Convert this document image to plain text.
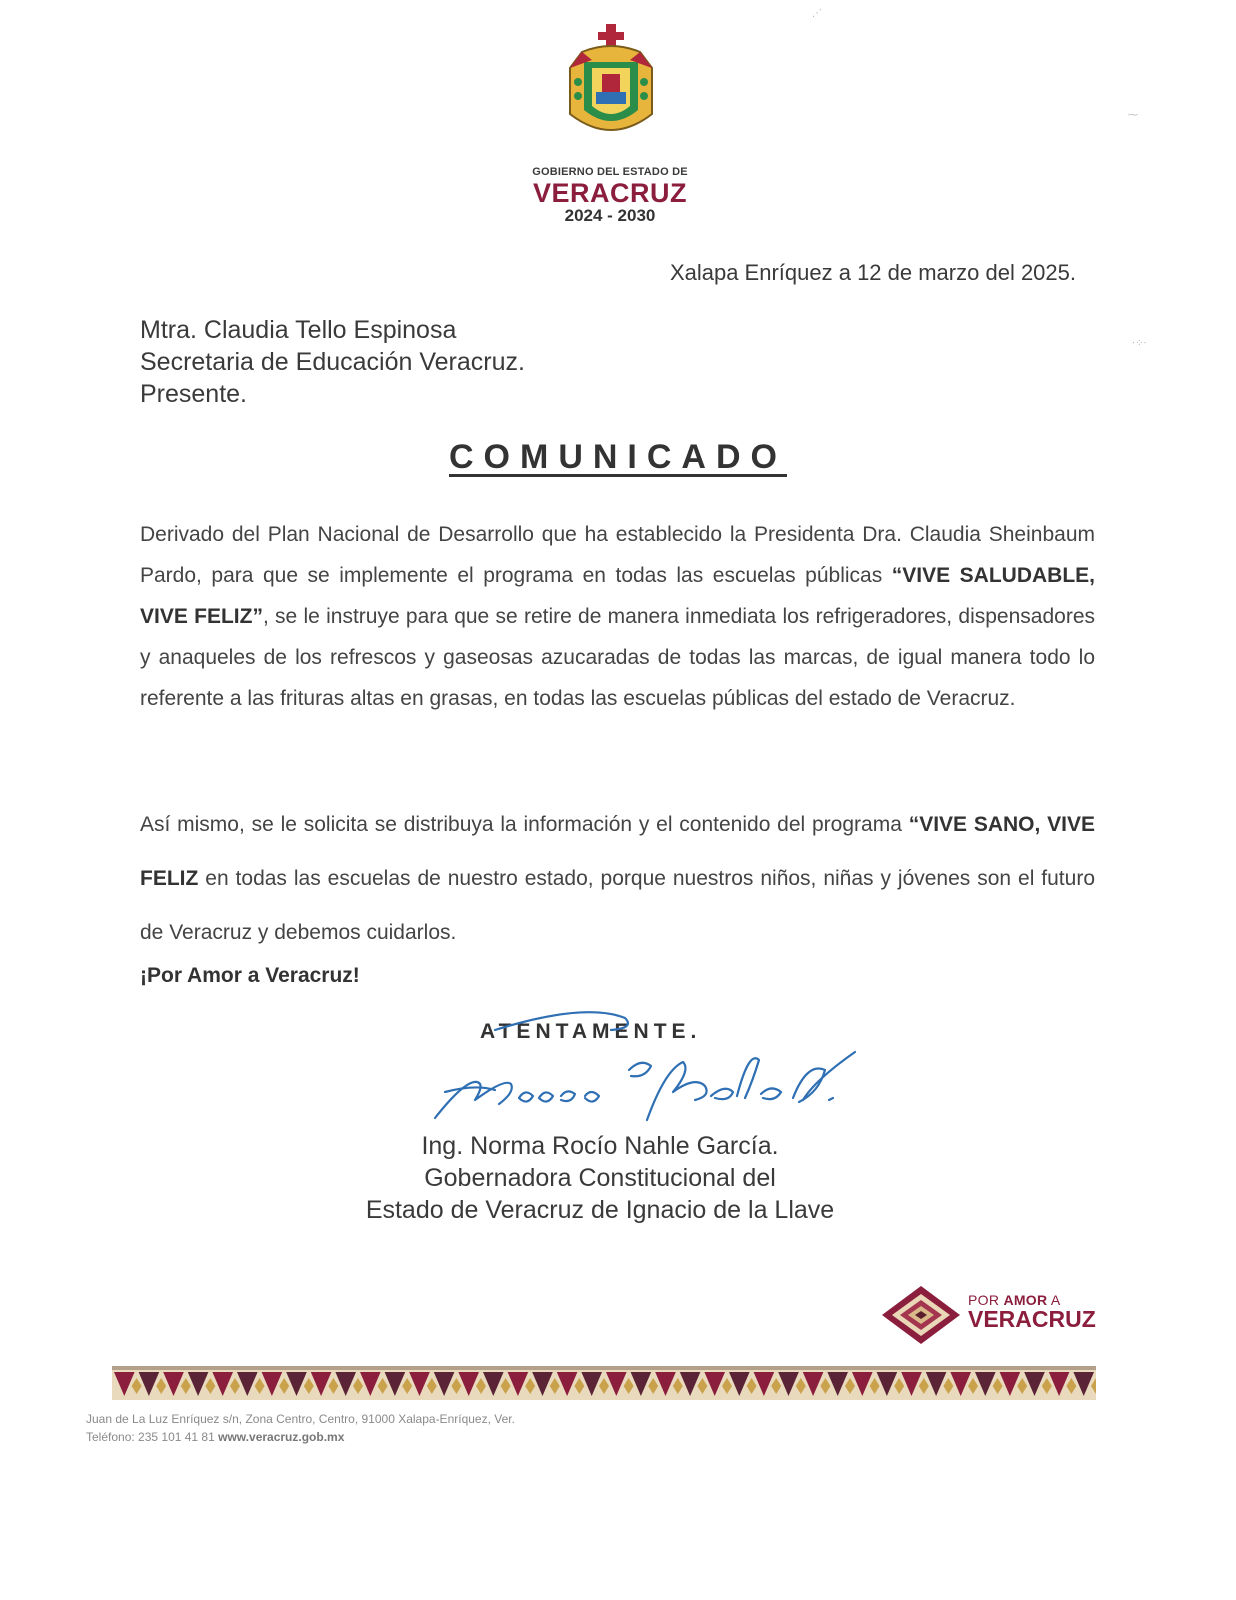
GOBIERNO DEL ESTADO DE
VERACRUZ
2024 - 2030
Xalapa Enríquez a 12 de marzo del 2025.
Mtra. Claudia Tello Espinosa
Secretaria de Educación Veracruz.
Presente.
COMUNICADO
Derivado del Plan Nacional de Desarrollo que ha establecido la Presidenta Dra. Claudia Sheinbaum Pardo, para que se implemente el programa en todas las escuelas públicas “VIVE SALUDABLE, VIVE FELIZ”, se le instruye para que se retire de manera inmediata los refrigeradores, dispensadores y anaqueles de los refrescos y gaseosas azucaradas de todas las marcas, de igual manera todo lo referente a las frituras altas en grasas, en todas las escuelas públicas del estado de Veracruz.
Así mismo, se le solicita se distribuya la información y el contenido del programa “VIVE SANO, VIVE FELIZ en todas las escuelas de nuestro estado, porque nuestros niños, niñas y jóvenes son el futuro de Veracruz y debemos cuidarlos.
¡Por Amor a Veracruz!
ATENTAMENTE.
Ing. Norma Rocío Nahle García.
Gobernadora Constitucional del
Estado de Veracruz de Ignacio de la Llave
POR AMOR A
VERACRUZ
Juan de La Luz Enríquez s/n, Zona Centro, Centro, 91000 Xalapa-Enríquez, Ver.
Teléfono: 235 101 41 81 www.veracruz.gob.mx
⋰
⁓
⋅⁘⋅
